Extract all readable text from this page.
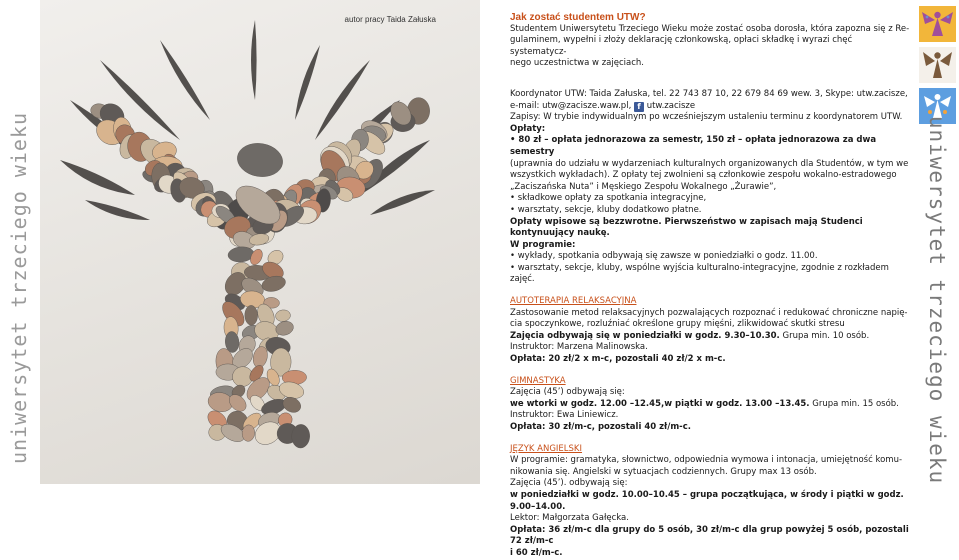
uniwersytet trzeciego wieku
autor pracy Taida Załuska	Jak zostać studentem UTW?

Studentem Uniwersytetu Trzeciego Wieku może zostać osoba dorosła, która zapozna się z Re-

gulaminem, wypełni i złoży deklarację członkowską, opłaci składkę i wyrazi chęć systematycz-

nego uczestnictwa w zajęciach.

Koordynator UTW: Taida Załuska, tel. 22 743 87 10, 22 679 84 69 wew. 3, Skype: utw.zacisze,

e-mail: utw@zacisze.waw.pl, f utw.zacisze

Zapisy: W trybie indywidualnym po wcześniejszym ustaleniu terminu z koordynatorem UTW.

Opłaty:

• 80 zł – opłata jednorazowa za semestr, 150 zł – opłata jednorazowa za dwa semestry

(uprawnia do udziału w wydarzeniach kulturalnych organizowanych dla Studentów, w tym we

wszystkich wykładach). Z opłaty tej zwolnieni są członkowie zespołu wokalno-estradowego

„Zaciszańska Nuta” i Męskiego Zespołu Wokalnego „Żurawie”,

• składkowe opłaty za spotkania integracyjne,

• warsztaty, sekcje, kluby dodatkowo płatne.

Opłaty wpisowe są bezzwrotne. Pierwszeństwo w zapisach mają Studenci kontynuujący naukę.

W programie:

• wykłady, spotkania odbywają się zawsze w poniedziałki o godz. 11.00.

• warsztaty, sekcje, kluby, wspólne wyjścia kulturalno-integracyjne, zgodnie z rozkładem zajęć.

AUTOTERAPIA RELAKSACYJNA

Zastosowanie metod relaksacyjnych pozwalających rozpoznać i redukować chroniczne napię-

cia spoczynkowe, rozluźniać określone grupy mięśni, zlikwidować skutki stresu

Zajęcia odbywają się w poniedziałki w godz. 9.30–10.30. Grupa min. 10 osób.

Instruktor: Marzena Malinowska.

Opłata: 20 zł/2 x m-c, pozostali 40 zł/2 x m-c.

GIMNASTYKA

Zajęcia (45’) odbywają się:

we wtorki w godz. 12.00 –12.45,w piątki w godz. 13.00 –13.45. Grupa min. 15 osób.

Instruktor: Ewa Liniewicz.

Opłata: 30 zł/m-c, pozostali 40 zł/m-c.

JĘZYK ANGIELSKI

W programie: gramatyka, słownictwo, odpowiednia wymowa i intonacja, umiejętność komu-

nikowania się. Angielski w sytuacjach codziennych. Grupy max 13 osób.

Zajęcia (45’). odbywają się:

w poniedziałki w godz. 10.00–10.45 – grupa początkująca, w środy i piątki w godz. 9.00–14.00.

Lektor: Małgorzata Gałęcka.

Opłata: 36 zł/m-c dla grupy do 5 osób, 30 zł/m-c dla grup powyżej 5 osób, pozostali 72 zł/m-c

i 60 zł/m-c.

uniwersytet trzeciego wieku
